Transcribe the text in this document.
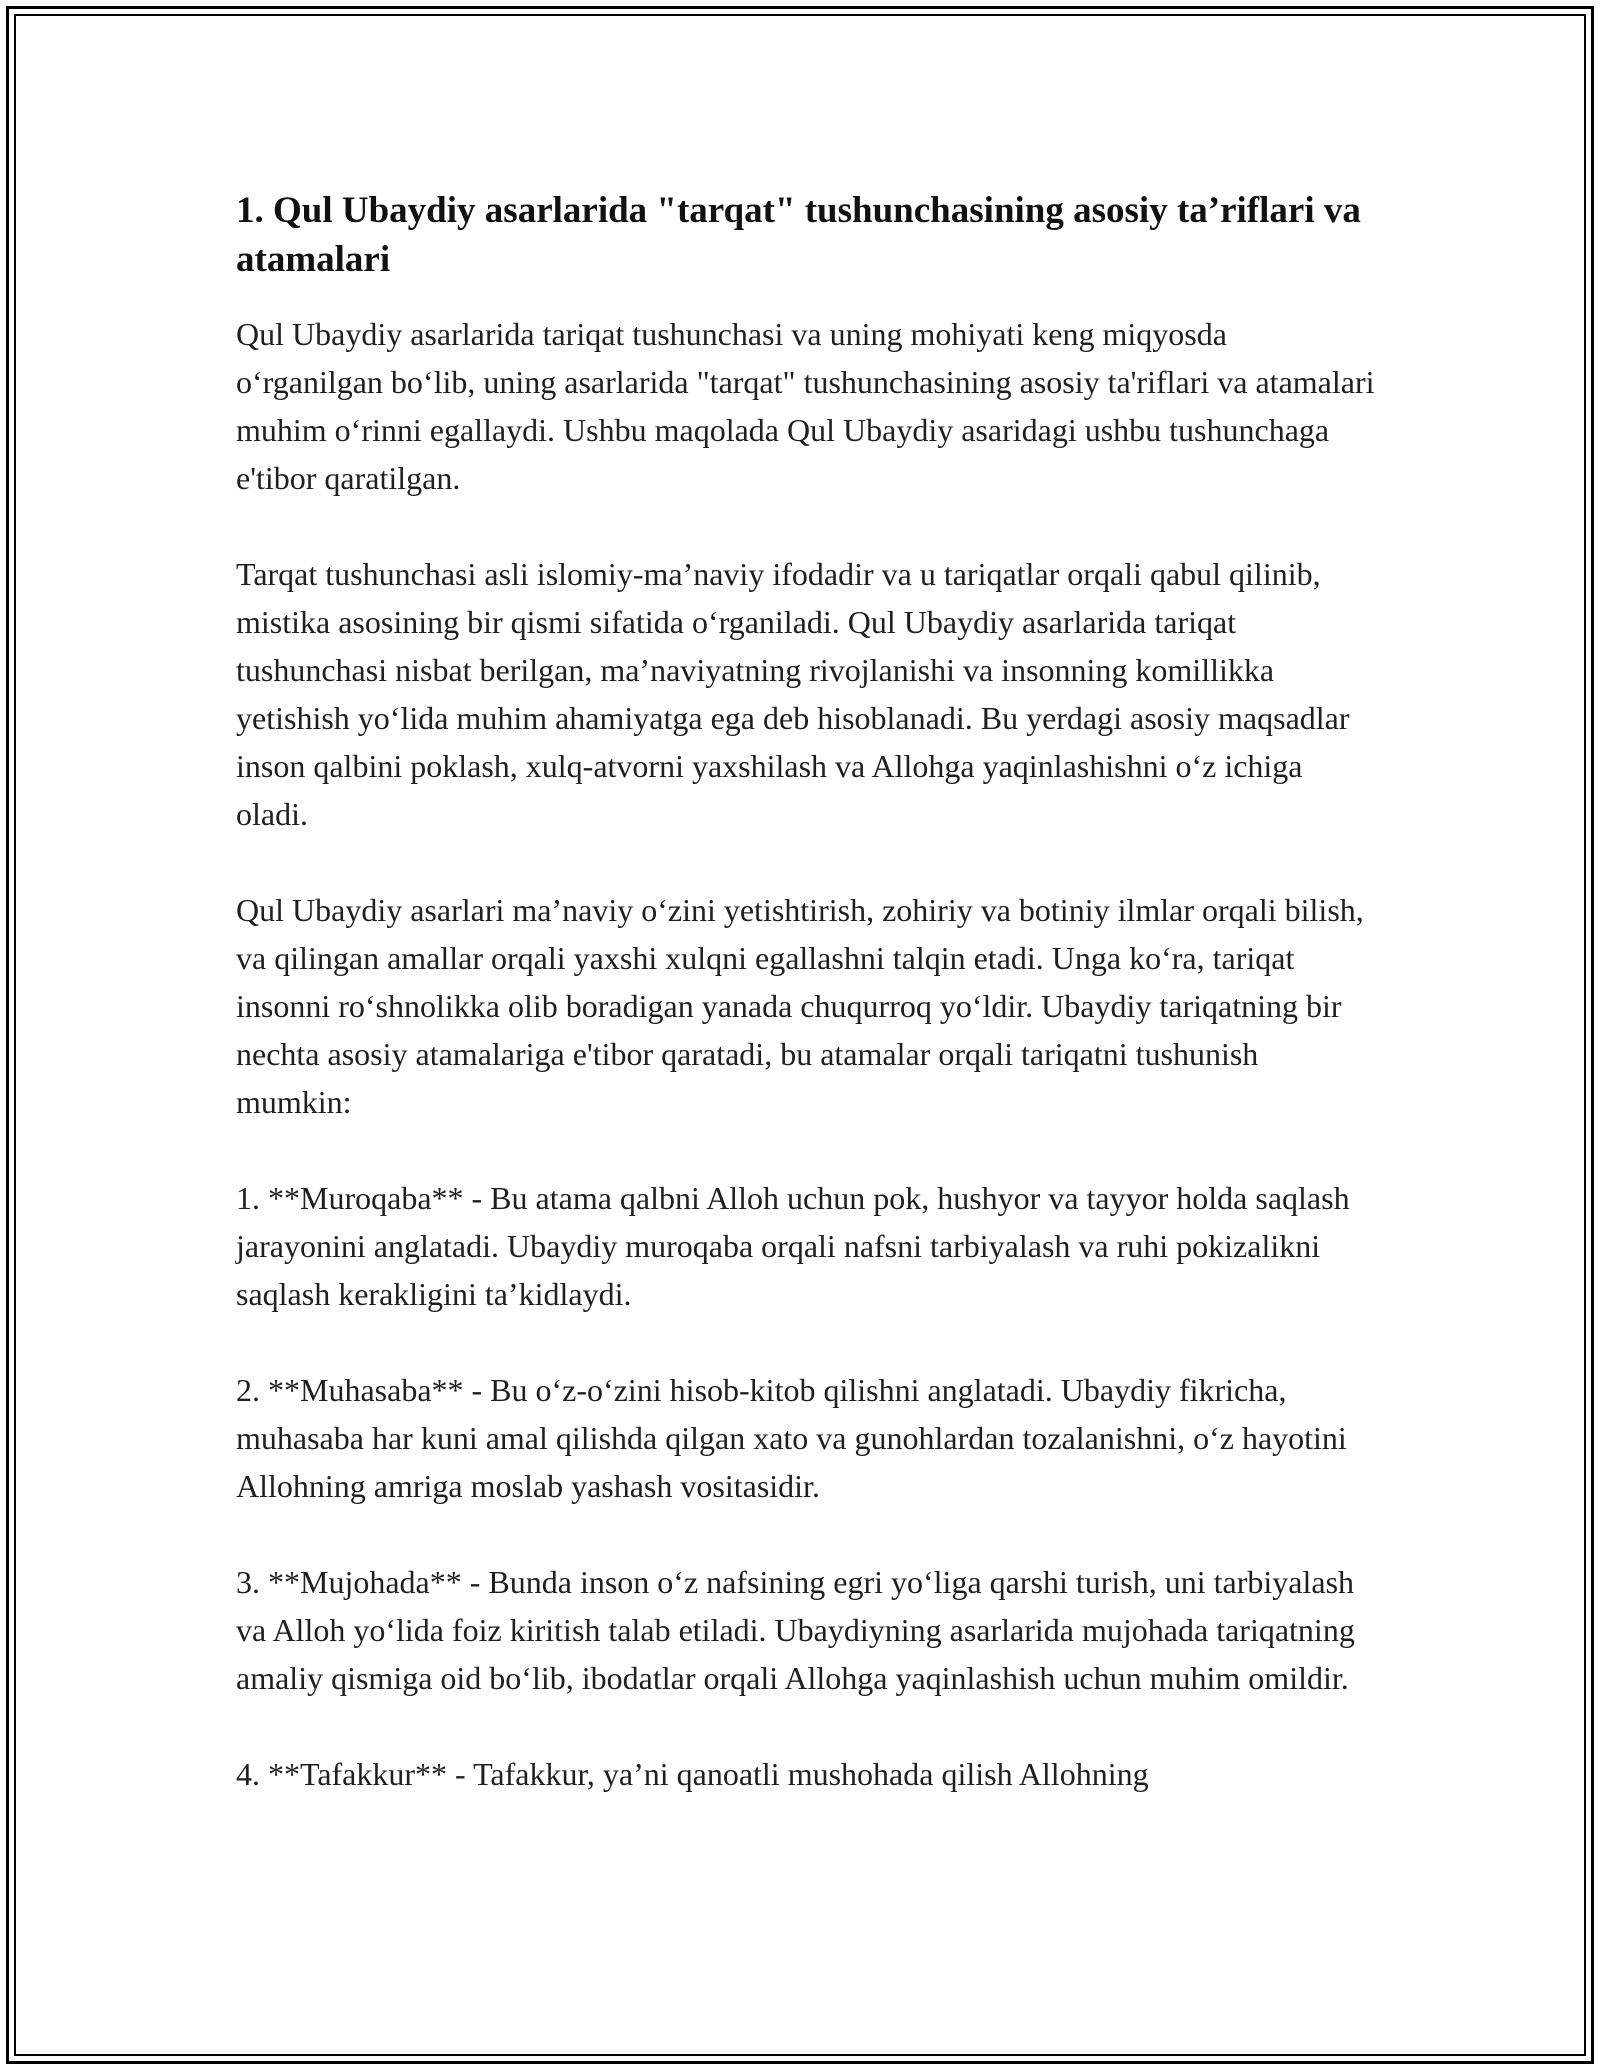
1. Qul Ubaydiy asarlarida "tarqat" tushunchasining asosiy ta’riflari va atamalari

Qul Ubaydiy asarlarida tariqat tushunchasi va uning mohiyati keng miqyosda o‘rganilgan bo‘lib, uning asarlarida "tarqat" tushunchasining asosiy ta'riflari va atamalari muhim o‘rinni egallaydi. Ushbu maqolada Qul Ubaydiy asaridagi ushbu tushunchaga e'tibor qaratilgan.

Tarqat tushunchasi asli islomiy-ma’naviy ifodadir va u tariqatlar orqali qabul qilinib, mistika asosining bir qismi sifatida o‘rganiladi. Qul Ubaydiy asarlarida tariqat tushunchasi nisbat berilgan, ma’naviyatning rivojlanishi va insonning komillikka yetishish yo‘lida muhim ahamiyatga ega deb hisoblanadi. Bu yerdagi asosiy maqsadlar inson qalbini poklash, xulq-atvorni yaxshilash va Allohga yaqinlashishni o‘z ichiga oladi.

Qul Ubaydiy asarlari ma’naviy o‘zini yetishtirish, zohiriy va botiniy ilmlar orqali bilish, va qilingan amallar orqali yaxshi xulqni egallashni talqin etadi. Unga ko‘ra, tariqat insonni ro‘shnolikka olib boradigan yanada chuqurroq yo‘ldir. Ubaydiy tariqatning bir nechta asosiy atamalariga e'tibor qaratadi, bu atamalar orqali tariqatni tushunish mumkin:

1. **Muroqaba** - Bu atama qalbni Alloh uchun pok, hushyor va tayyor holda saqlash jarayonini anglatadi. Ubaydiy muroqaba orqali nafsni tarbiyalash va ruhi pokizalikni saqlash kerakligini ta’kidlaydi.

2. **Muhasaba** - Bu o‘z-o‘zini hisob-kitob qilishni anglatadi. Ubaydiy fikricha, muhasaba har kuni amal qilishda qilgan xato va gunohlardan tozalanishni, o‘z hayotini Allohning amriga moslab yashash vositasidir.

3. **Mujohada** - Bunda inson o‘z nafsining egri yo‘liga qarshi turish, uni tarbiyalash va Alloh yo‘lida foiz kiritish talab etiladi. Ubaydiyning asarlarida mujohada tariqatning amaliy qismiga oid bo‘lib, ibodatlar orqali Allohga yaqinlashish uchun muhim omildir.

4. **Tafakkur** - Tafakkur, ya’ni qanoatli mushohada qilish Allohning
